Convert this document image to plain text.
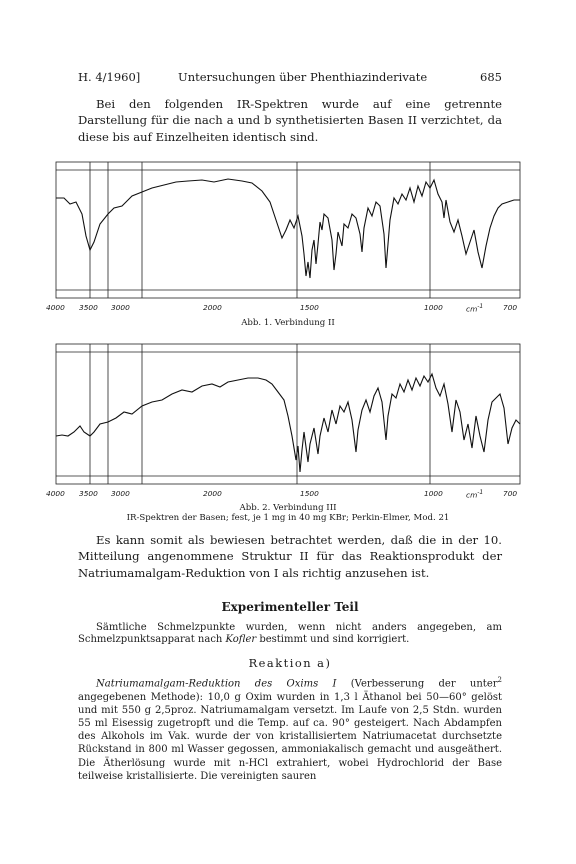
H. 4/1960]	Untersuchungen über Phenthiazinderivate	685

Bei den folgenden IR-Spektren wurde auf eine getrennte Darstellung für die nach a und b synthetisierten Basen II verzichtet, da diese bis auf Einzelheiten identisch sind.

4000 3500 3000	2000	1500	1000	$cm^{-1}$	700
Abb. 1. Verbindung II
4000 3500 3000	2000	1500	1000	$cm^{-1}$	700
Abb. 2. Verbindung III
IR-Spektren der Basen; fest, je 1 mg in 40 mg KBr; Perkin-Elmer, Mod. 21

Es kann somit als bewiesen betrachtet werden, daß die in der 10. Mitteilung angenommene Struktur II für das Reaktionsprodukt der Natriumamalgam-Reduktion von I als richtig anzusehen ist.

Experimenteller Teil

Sämtliche Schmelzpunkte wurden, wenn nicht anders angegeben, am Schmelzpunktsapparat nach Kofler bestimmt und sind korrigiert.

Reaktion a)

Natriumamalgam-Reduktion des Oxims I (Verbesserung der unter$^2$ angegebenen Methode): 10,0 g Oxim wurden in 1,3 l Äthanol bei 50—60° gelöst und mit 550 g 2,5proz. Natriumamalgam versetzt. Im Laufe von 2,5 Stdn. wurden 55 ml Eisessig zugetropft und die Temp. auf ca. 90° gesteigert. Nach Abdampfen des Alkohols im Vak. wurde der von kristallisiertem Natriumacetat durchsetzte Rückstand in 800 ml Wasser gegossen, ammoniakalisch gemacht und ausgeäthert. Die Ätherlösung wurde mit n-HCl extrahiert, wobei Hydrochlorid der Base teilweise kristallisierte. Die vereinigten sauren
